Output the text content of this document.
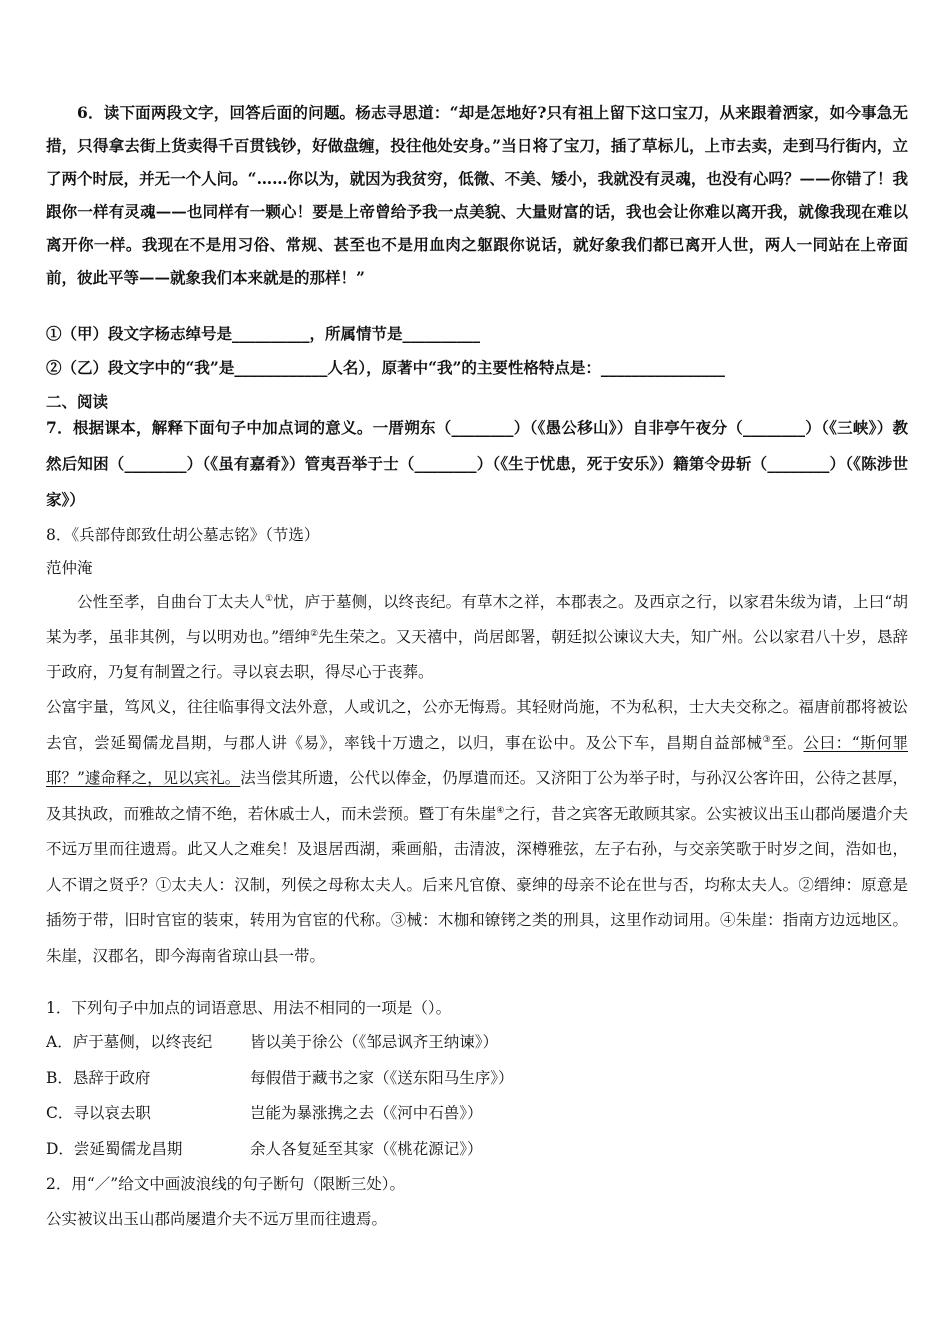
6．读下面两段文字，回答后面的问题。杨志寻思道：“却是怎地好?只有祖上留下这口宝刀，从来跟着洒家，如今事急无措，只得拿去街上货卖得千百贯钱钞，好做盘缠，投往他处安身。”当日将了宝刀，插了草标儿，上市去卖，走到马行街内，立了两个时辰，并无一个人问。“……你以为，就因为我贫穷，低微、不美、矮小，我就没有灵魂，也没有心吗？——你错了！我跟你一样有灵魂——也同样有一颗心！要是上帝曾给予我一点美貌、大量财富的话，我也会让你难以离开我，就像我现在难以离开你一样。我现在不是用习俗、常规、甚至也不是用血肉之躯跟你说话，就好象我们都已离开人世，两人一同站在上帝面前，彼此平等——就象我们本来就是的那样！”

①（甲）段文字杨志绰号是__________，所属情节是__________

②（乙）段文字中的“我”是____________人名），原著中“我”的主要性格特点是：________________

二、阅读

7．根据课本，解释下面句子中加点词的意义。一厝朔东（________）（《愚公移山》）自非亭午夜分（________）（《三峡》）教然后知困（________）（《虽有嘉肴》）管夷吾举于士（________）（《生于忧患，死于安乐》）籍第令毋斩（________）（《陈涉世家》）

8．《兵部侍郎致仕胡公墓志铭》（节选）

范仲淹

公性至孝，自曲台丁太夫人①忧，庐于墓侧，以终丧纪。有草木之祥，本郡表之。及西京之行，以家君朱绂为请，上曰“胡某为孝，虽非其例，与以明劝也。”缙绅②先生荣之。又天禧中，尚居郎署，朝廷拟公谏议大夫，知广州。公以家君八十岁，恳辞于政府，乃复有制置之行。寻以哀去职，得尽心于丧葬。

公富宇量，笃风义，往往临事得文法外意，人或讥之，公亦无悔焉。其轻财尚施，不为私积，士大夫交称之。福唐前郡将被讼去官，尝延蜀儒龙昌期，与郡人讲《易》，率钱十万遗之，以归，事在讼中。及公下车，昌期自益部械③至。公曰：“斯何罪耶？”遽命释之，见以宾礼。法当偿其所遗，公代以俸金，仍厚遣而还。又济阳丁公为举子时，与孙汉公客许田，公待之甚厚，及其执政，而雅故之情不绝，若休戚士人，而未尝预。暨丁有朱崖④之行，昔之宾客无敢顾其家。公实被议出玉山郡尚屡遣介夫不远万里而往遗焉。此又人之难矣！及退居西湖，乘画船，击清波，深樽雅弦，左子右孙，与交亲笑歌于时岁之间，浩如也，人不谓之贤乎？①太夫人：汉制，列侯之母称太夫人。后来凡官僚、豪绅的母亲不论在世与否，均称太夫人。②缙绅：原意是插笏于带，旧时官宦的装束，转用为官宦的代称。③械：木枷和镣铐之类的刑具，这里作动词用。④朱崖：指南方边远地区。朱崖，汉郡名，即今海南省琼山县一带。

1．下列句子中加点的词语意思、用法不相同的一项是（）。

A．庐于墓侧，以终丧纪 皆以美于徐公（《邹忌讽齐王纳谏》）

B．恳辞于政府	每假借于藏书之家（《送东阳马生序》）

C．寻以哀去职	岂能为暴涨携之去（《河中石兽》）

D．尝延蜀儒龙昌期	余人各复延至其家（《桃花源记》）

2．用“／”给文中画波浪线的句子断句（限断三处）。

公实被议出玉山郡尚屡遣介夫不远万里而往遗焉。
